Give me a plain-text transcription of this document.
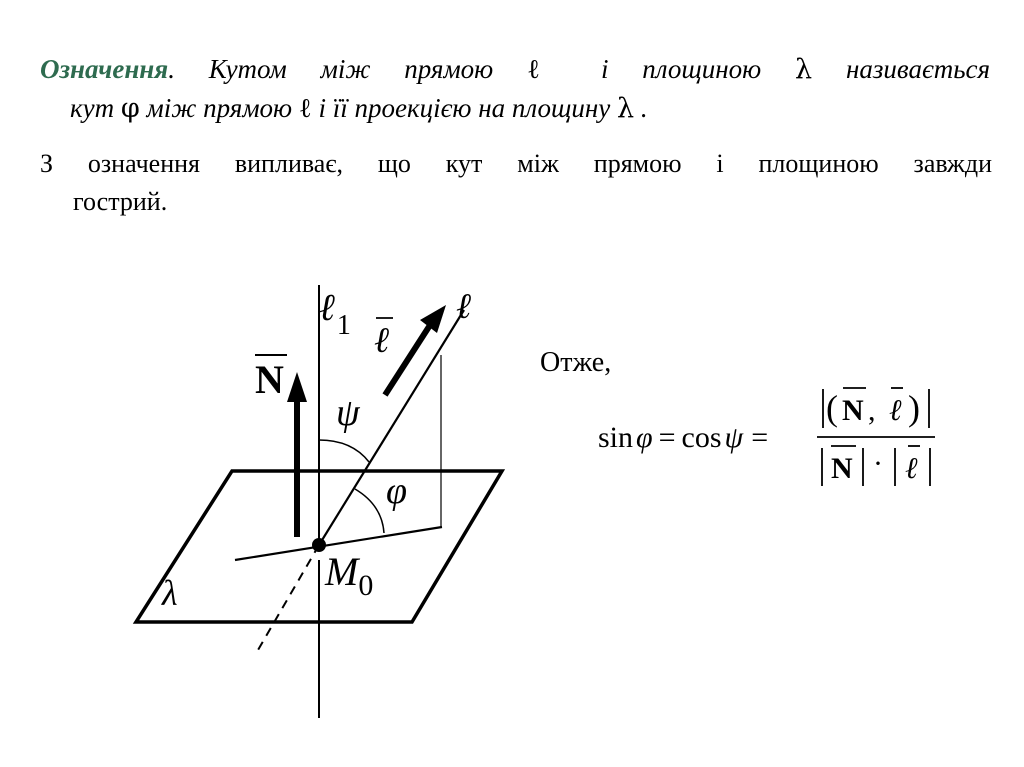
Означення. Кутом між прямою ℓ і площиною λ називається
кут φ між прямою ℓ і її проекцією на площину λ .
З означення випливає, що кут між прямою і площиною завжди
гострий.
ℓ$_1$ ℓ
ℓ
N
ψ
φ
$M_0$
λ
Отже,
sin φ = cos ψ =
( N , ℓ )
N · ℓ
